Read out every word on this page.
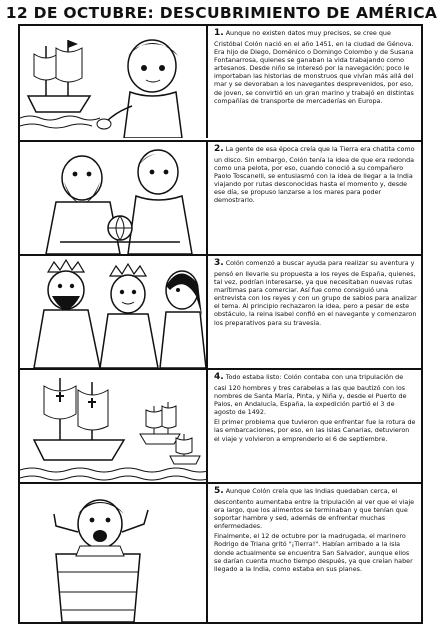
12 DE OCTUBRE: DESCUBRIMIENTO DE AMÉRICA

1. Aunque no existen datos muy precisos, se cree que Cristóbal Colón nació en el año 1451, en la ciudad de Génova. Era hijo de Diego, Doménico o Domingo Colombo y de Susana Fontanarrosa, quienes se ganaban la vida trabajando como artesanos. Desde niño se interesó por la navegación; poco le importaban las historias de monstruos que vivían más allá del mar y se devoraban a los navegantes desprevenidos, por eso, de joven, se convirtió en un gran marino y trabajó en distintas compañías de transporte de mercaderías en Europa.

2. La gente de esa época creía que la Tierra era chatita como un disco. Sin embargo, Colón tenía la idea de que era redonda como una pelota, por eso, cuando conoció a su compañero Paolo Toscanelli, se entusiasmó con la idea de llegar a la India viajando por rutas desconocidas hasta el momento y, desde ese día, se propuso lanzarse a los mares para poder demostrarlo.

3. Colón comenzó a buscar ayuda para realizar su aventura y pensó en llevarle su propuesta a los reyes de España, quienes, tal vez, podrían interesarse, ya que necesitaban nuevas rutas marítimas para comerciar. Así fue como consiguió una entrevista con los reyes y con un grupo de sabios para analizar el tema. Al principio rechazaron la idea, pero a pesar de este obstáculo, la reina Isabel confió en el navegante y comenzaron los preparativos para su travesía.

4. Todo estaba listo: Colón contaba con una tripulación de casi 120 hombres y tres carabelas a las que bautizó con los nombres de Santa María, Pinta, y Niña y, desde el Puerto de Palos, en Andalucía, España, la expedición partió el 3 de agosto de 1492.

El primer problema que tuvieron que enfrentar fue la rotura de las embarcaciones, por eso, en las islas Canarias, detuvieron el viaje y volvieron a emprenderlo el 6 de septiembre.

5. Aunque Colón creía que las Indias quedaban cerca, el descontento aumentaba entre la tripulación al ver que el viaje era largo, que los alimentos se terminaban y que tenían que soportar hambre y sed, además de enfrentar muchas enfermedades.

Finalmente, el 12 de octubre por la madrugada, el marinero Rodrigo de Triana gritó "¡Tierra!". Habían arribado a la isla donde actualmente se encuentra San Salvador, aunque ellos se darían cuenta mucho tiempo después, ya que creían haber llegado a la India, como estaba en sus planes.
